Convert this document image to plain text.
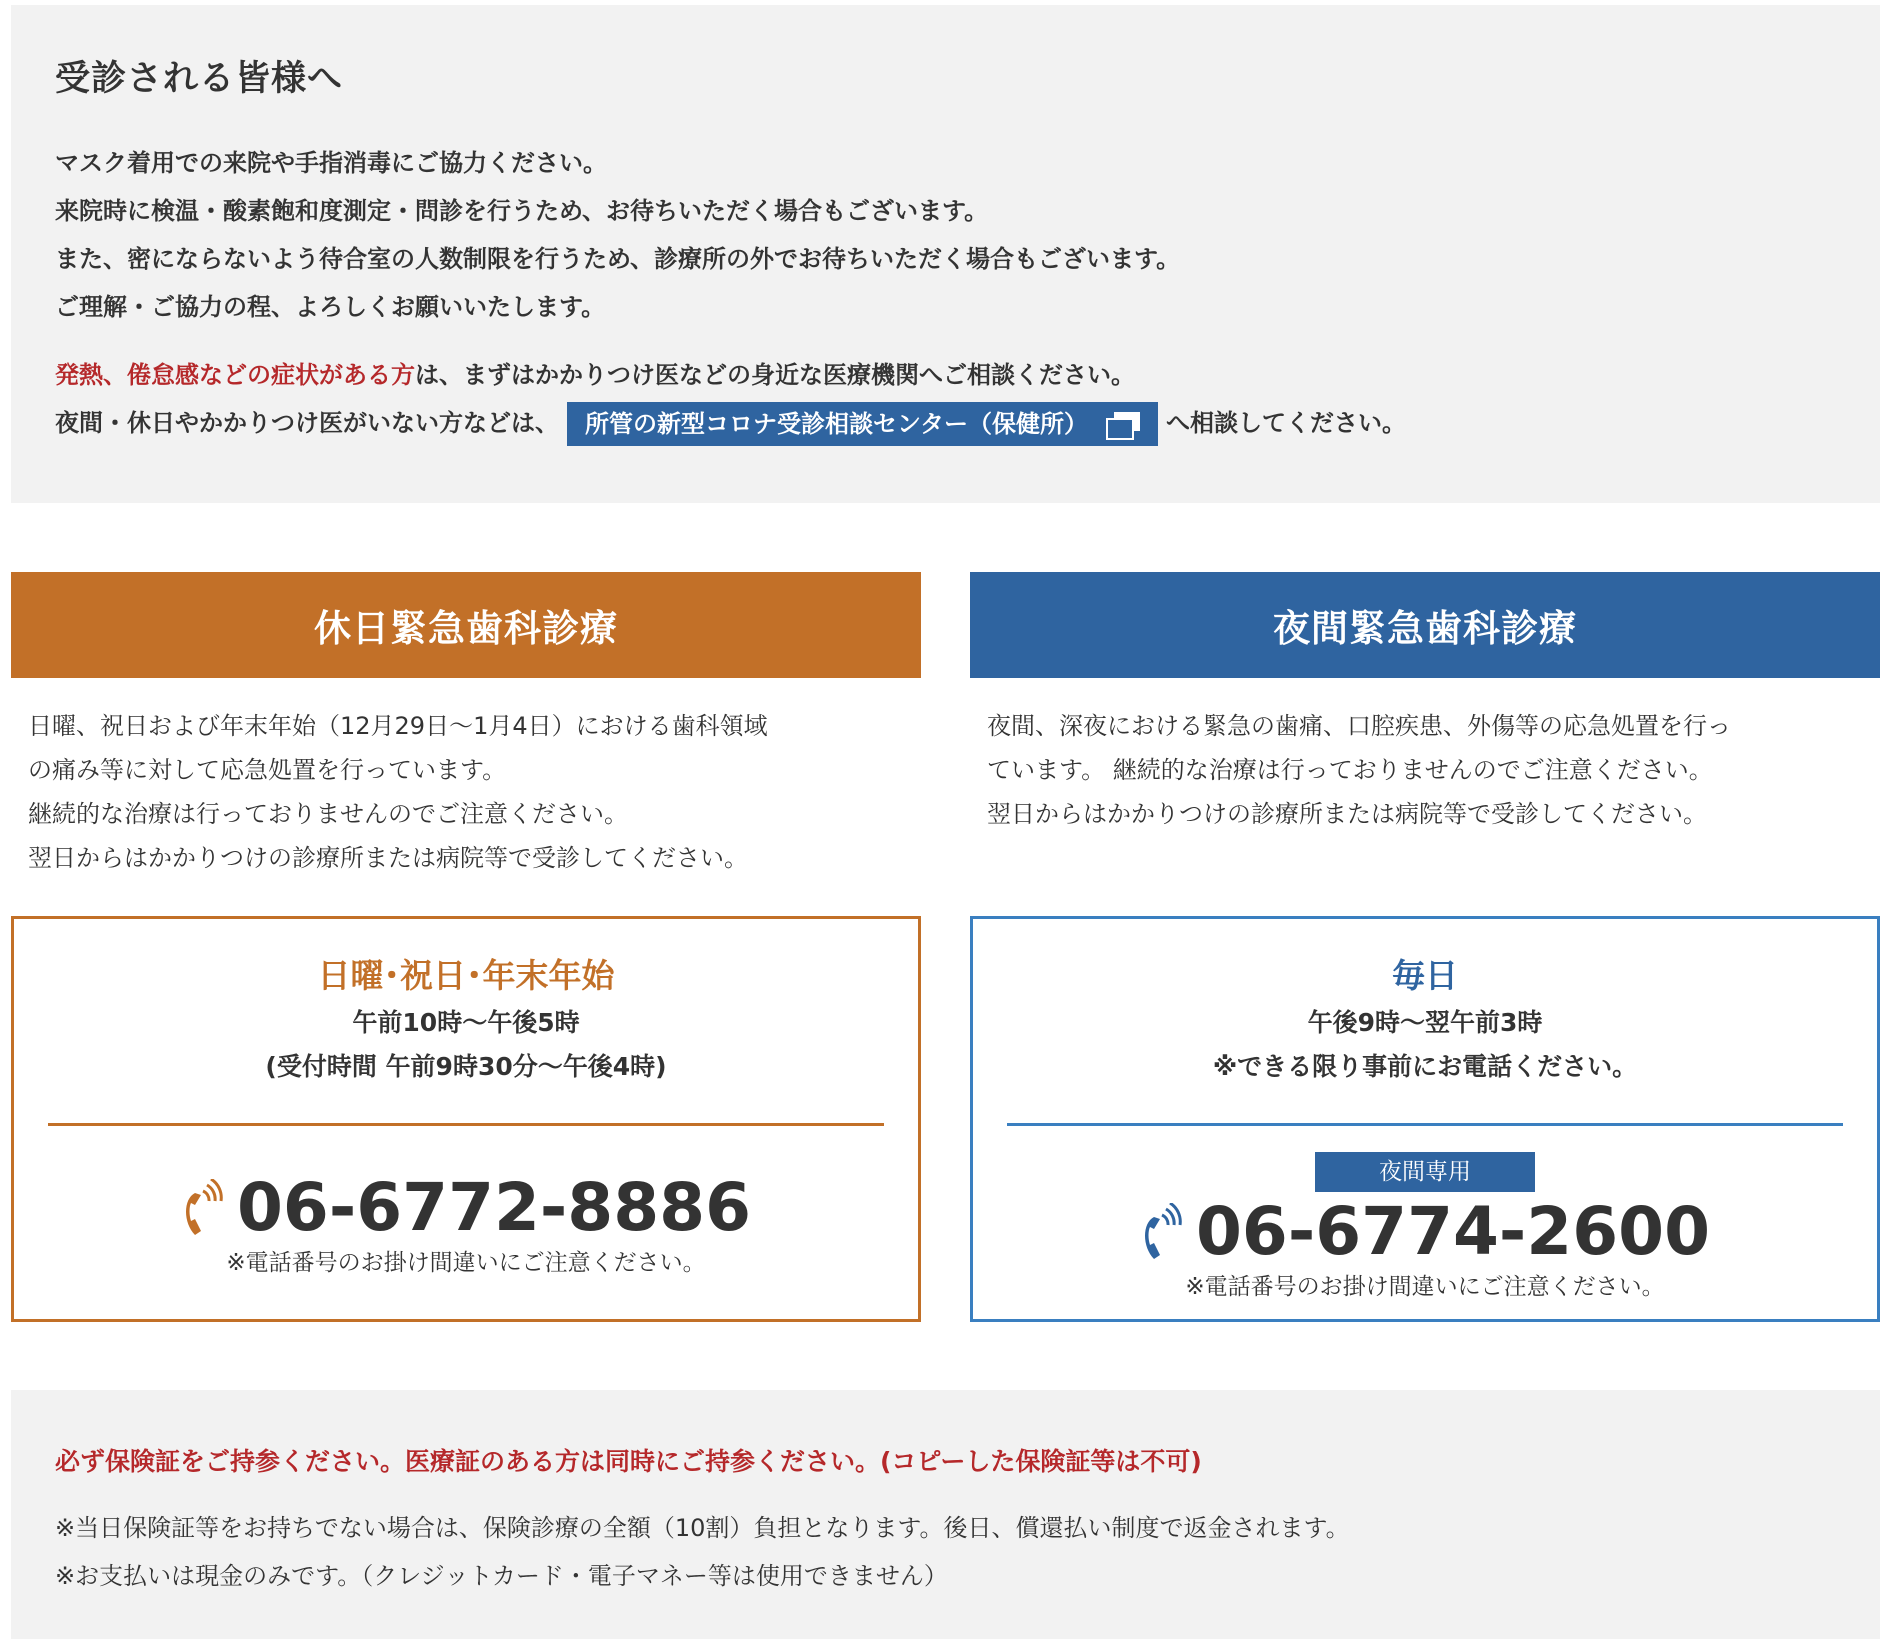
受診される皆様へ

マスク着用での来院や手指消毒にご協力ください。

来院時に検温・酸素飽和度測定・問診を行うため、お待ちいただく場合もございます。

また、密にならないよう待合室の人数制限を行うため、診療所の外でお待ちいただく場合もございます。

ご理解・ご協力の程、よろしくお願いいたします。

発熱、倦怠感などの症状がある方は、まずはかかりつけ医などの身近な医療機関へご相談ください。

夜間・休日やかかりつけ医がいない方などは、 所管の新型コロナ受診相談センター（保健所）	へ相談してください。

休日緊急歯科診療
日曜、祝日および年末年始（12月29日～1月4日）における歯科領域
の痛み等に対して応急処置を行っています。
継続的な治療は行っておりませんのでご注意ください。
翌日からはかかりつけの診療所または病院等で受診してください。
日曜･祝日･年末年始
午前10時～午後5時
(受付時間 午前9時30分～午後4時)
06-6772-8886
※電話番号のお掛け間違いにご注意ください。
夜間緊急歯科診療
夜間、深夜における緊急の歯痛、口腔疾患、外傷等の応急処置を行っ
ています。 継続的な治療は行っておりませんのでご注意ください。
翌日からはかかりつけの診療所または病院等で受診してください。
毎日
午後9時～翌午前3時
※できる限り事前にお電話ください。
夜間専用
06-6774-2600
※電話番号のお掛け間違いにご注意ください。
必ず保険証をご持参ください。医療証のある方は同時にご持参ください。(コピーした保険証等は不可)

※当日保険証等をお持ちでない場合は、保険診療の全額（10割）負担となります。後日、償還払い制度で返金されます。

※お支払いは現金のみです。（クレジットカード・電子マネー等は使用できません）
